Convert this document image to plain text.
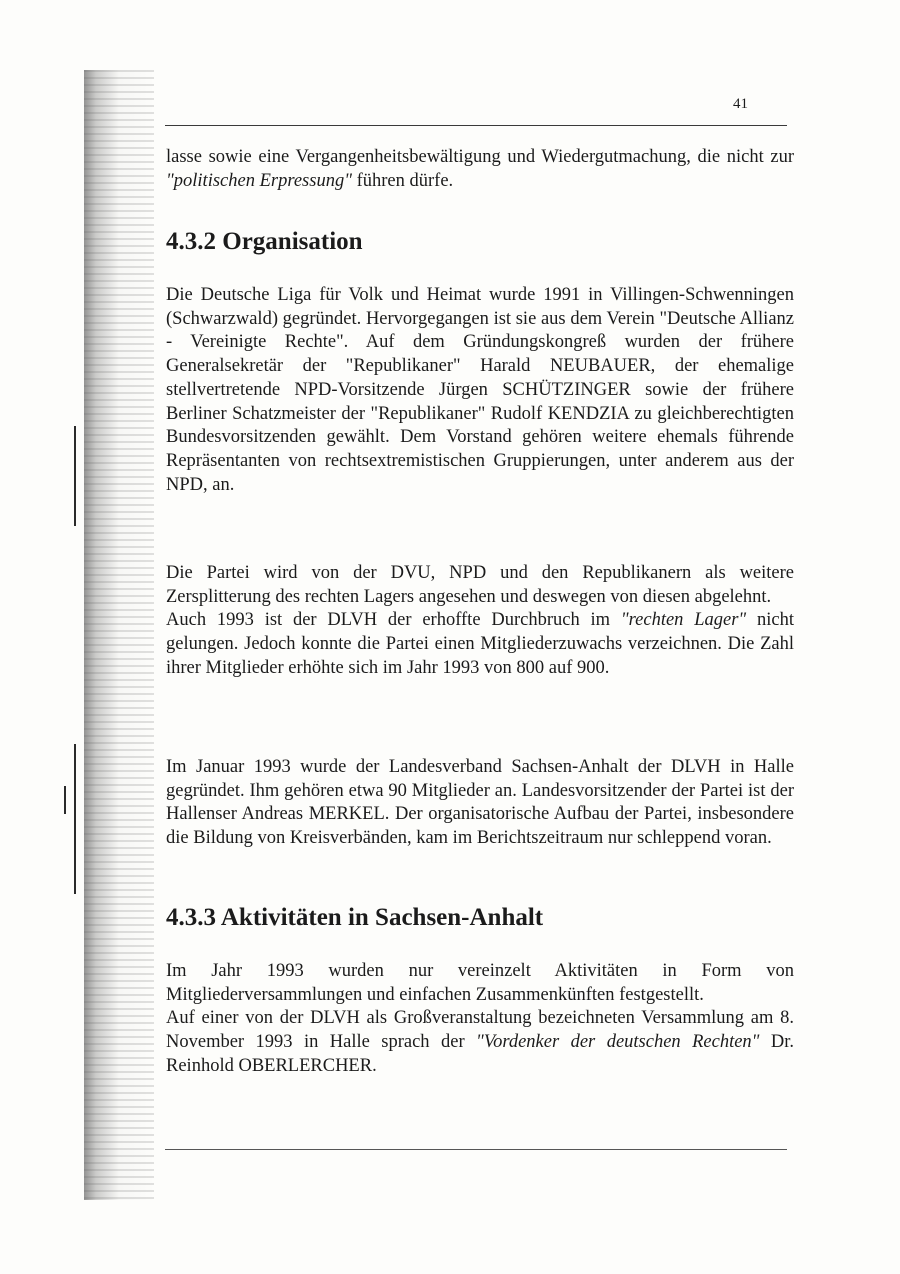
41

lasse sowie eine Vergangenheitsbewältigung und Wiedergutmachung, die nicht zur "politischen Erpressung" führen dürfe.

4.3.2 Organisation

Die Deutsche Liga für Volk und Heimat wurde 1991 in Villingen-Schwenningen (Schwarzwald) gegründet. Hervorgegangen ist sie aus dem Verein "Deutsche Allianz - Vereinigte Rechte". Auf dem Gründungskongreß wurden der frühere Generalsekretär der "Republikaner" Harald NEUBAUER, der ehemalige stellvertretende NPD-Vorsitzende Jürgen SCHÜTZINGER sowie der frühere Berliner Schatzmeister der "Republikaner" Rudolf KENDZIA zu gleichberechtigten Bundesvorsitzenden gewählt. Dem Vorstand gehören weitere ehemals führende Repräsentanten von rechtsextremistischen Gruppierungen, unter anderem aus der NPD, an.

Die Partei wird von der DVU, NPD und den Republikanern als weitere Zersplitterung des rechten Lagers angesehen und deswegen von diesen abgelehnt.

Auch 1993 ist der DLVH der erhoffte Durchbruch im "rechten Lager" nicht gelungen. Jedoch konnte die Partei einen Mitgliederzuwachs verzeichnen. Die Zahl ihrer Mitglieder erhöhte sich im Jahr 1993 von 800 auf 900.

Im Januar 1993 wurde der Landesverband Sachsen-Anhalt der DLVH in Halle gegründet. Ihm gehören etwa 90 Mitglieder an. Landesvorsitzender der Partei ist der Hallenser Andreas MERKEL. Der organisatorische Aufbau der Partei, insbesondere die Bildung von Kreisverbänden, kam im Berichtszeitraum nur schleppend voran.

4.3.3 Aktivitäten in Sachsen-Anhalt

Im Jahr 1993 wurden nur vereinzelt Aktivitäten in Form von Mitgliederversammlungen und einfachen Zusammenkünften festgestellt.

Auf einer von der DLVH als Großveranstaltung bezeichneten Versammlung am 8. November 1993 in Halle sprach der "Vordenker der deutschen Rechten" Dr. Reinhold OBERLERCHER.
